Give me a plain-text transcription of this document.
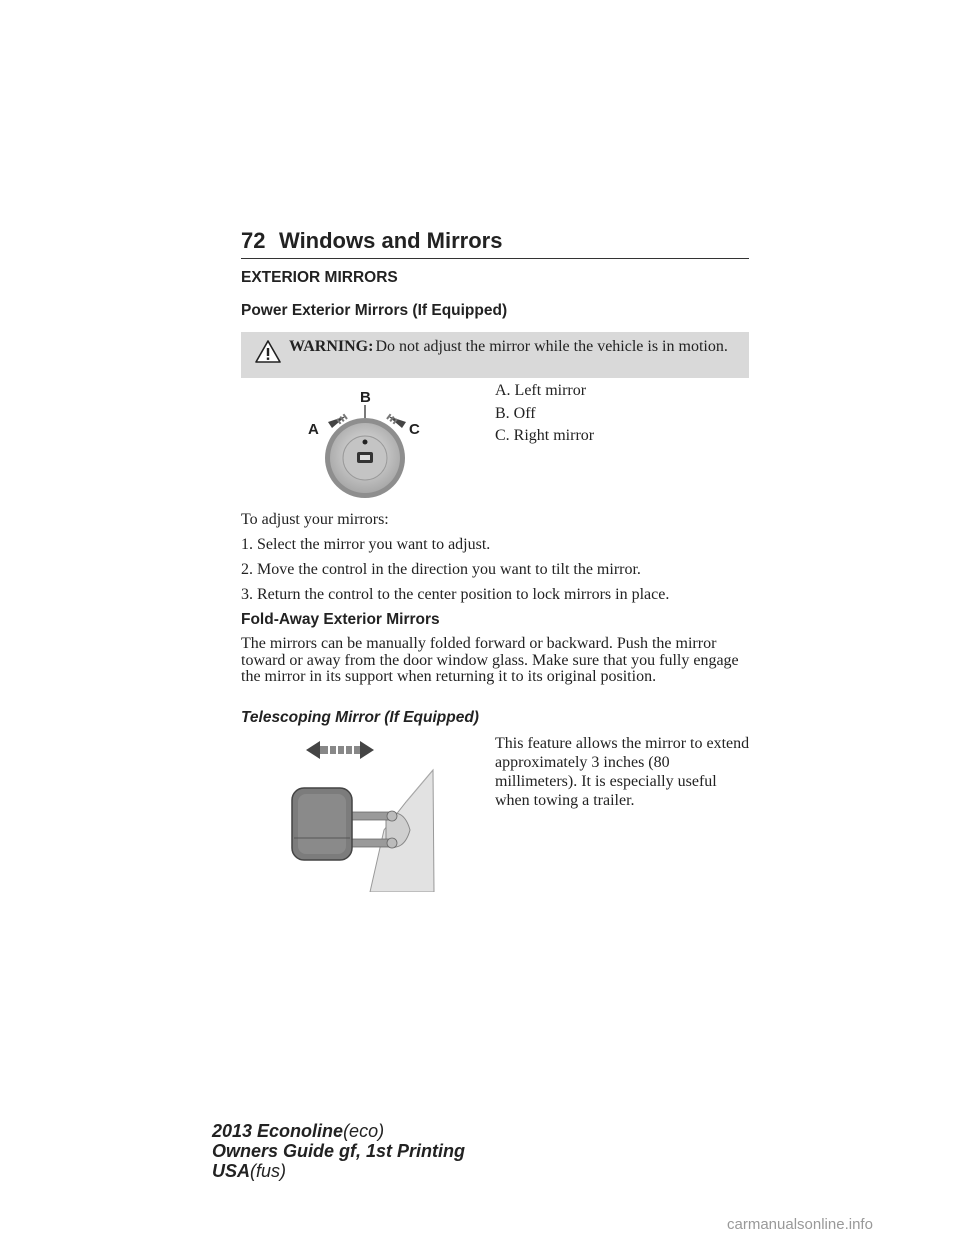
72 Windows and Mirrors
EXTERIOR MIRRORS
Power Exterior Mirrors (If Equipped)
WARNING: Do not adjust the mirror while the vehicle is in motion.
B
A	C
A. Left mirror
B. Off
C. Right mirror
To adjust your mirrors:
1. Select the mirror you want to adjust.
2. Move the control in the direction you want to tilt the mirror.
3. Return the control to the center position to lock mirrors in place.
Fold-Away Exterior Mirrors
The mirrors can be manually folded forward or backward. Push the mirror toward or away from the door window glass. Make sure that you fully engage the mirror in its support when returning it to its original position.
Telescoping Mirror (If Equipped)
This feature allows the mirror to extend approximately 3 inches (80 millimeters). It is especially useful when towing a trailer.
2013 Econoline(eco)
Owners Guide gf, 1st Printing
USA(fus)
carmanualsonline.info
